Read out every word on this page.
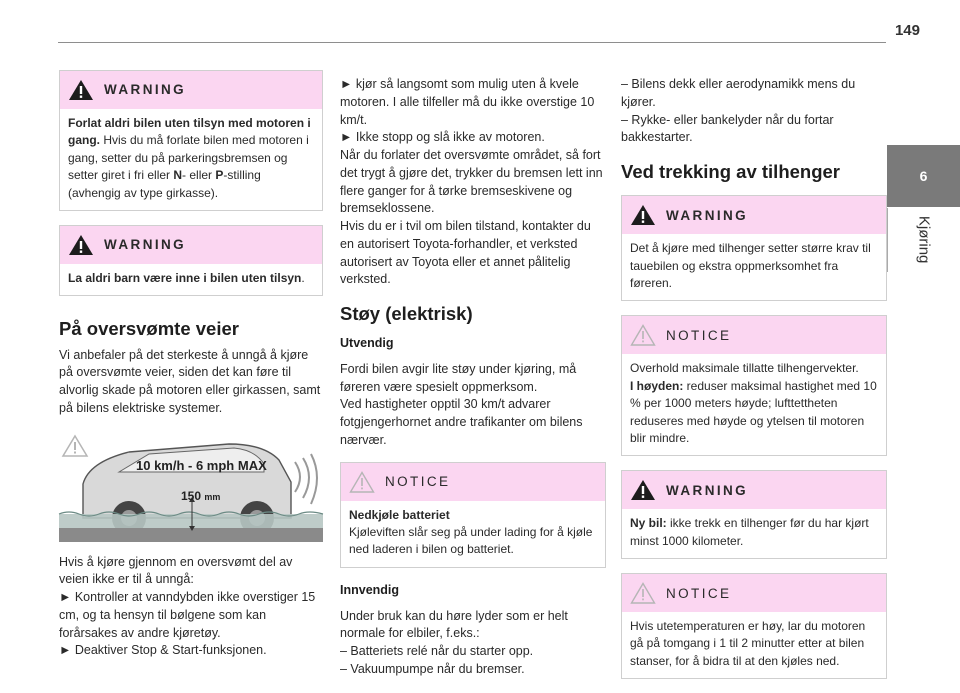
149
6
Kjøring
WARNING

Forlat aldri bilen uten tilsyn med motoren i gang. Hvis du må forlate bilen med motoren i gang, setter du på parkeringsbremsen og setter giret i fri eller N- eller P-stilling (avhengig av type girkasse).

WARNING

La aldri barn være inne i bilen uten tilsyn.

På oversvømte veier

Vi anbefaler på det sterkeste å unngå å kjøre på oversvømte veier, siden det kan føre til alvorlig skade på motoren eller girkassen, samt på bilens elektriske systemer.

10 km/h - 6 mph MAX
150 mm

Hvis å kjøre gjennom en oversvømt del av veien ikke er til å unngå:

► Kontroller at vanndybden ikke overstiger 15 cm, og ta hensyn til bølgene som kan forårsakes av andre kjøretøy.

► Deaktiver Stop & Start-funksjonen.

► kjør så langsomt som mulig uten å kvele motoren. I alle tilfeller må du ikke overstige 10 km/t.

► Ikke stopp og slå ikke av motoren.

Når du forlater det oversvømte området, så fort det trygt å gjøre det, trykker du bremsen lett inn flere ganger for å tørke bremseskivene og bremseklossene.

Hvis du er i tvil om bilen tilstand, kontakter du en autorisert Toyota-forhandler, et verksted autorisert av Toyota eller et annet pålitelig verksted.

Støy (elektrisk)
Utvendig

Fordi bilen avgir lite støy under kjøring, må føreren være spesielt oppmerksom.

Ved hastigheter opptil 30 km/t advarer fotgjengerhornet andre trafikanter om bilens nærvær.

NOTICE

Nedkjøle batteriet

Kjøleviften slår seg på under lading for å kjøle ned laderen i bilen og batteriet.

Innvendig

Under bruk kan du høre lyder som er helt normale for elbiler, f.eks.:

– Batteriets relé når du starter opp.

– Vakuumpumpe når du bremser.

– Bilens dekk eller aerodynamikk mens du kjører.

– Rykke- eller bankelyder når du fortar bakkestarter.

Ved trekking av tilhenger
WARNING

Det å kjøre med tilhenger setter større krav til tauebilen og ekstra oppmerksomhet fra føreren.

NOTICE

Overhold maksimale tillatte tilhengervekter.

I høyden: reduser maksimal hastighet med 10 % per 1000 meters høyde; lufttettheten reduseres med høyde og ytelsen til motoren blir mindre.

WARNING

Ny bil: ikke trekk en tilhenger før du har kjørt minst 1000 kilometer.

NOTICE

Hvis utetemperaturen er høy, lar du motoren gå på tomgang i 1 til 2 minutter etter at bilen stanser, for å bidra til at den kjøles ned.
